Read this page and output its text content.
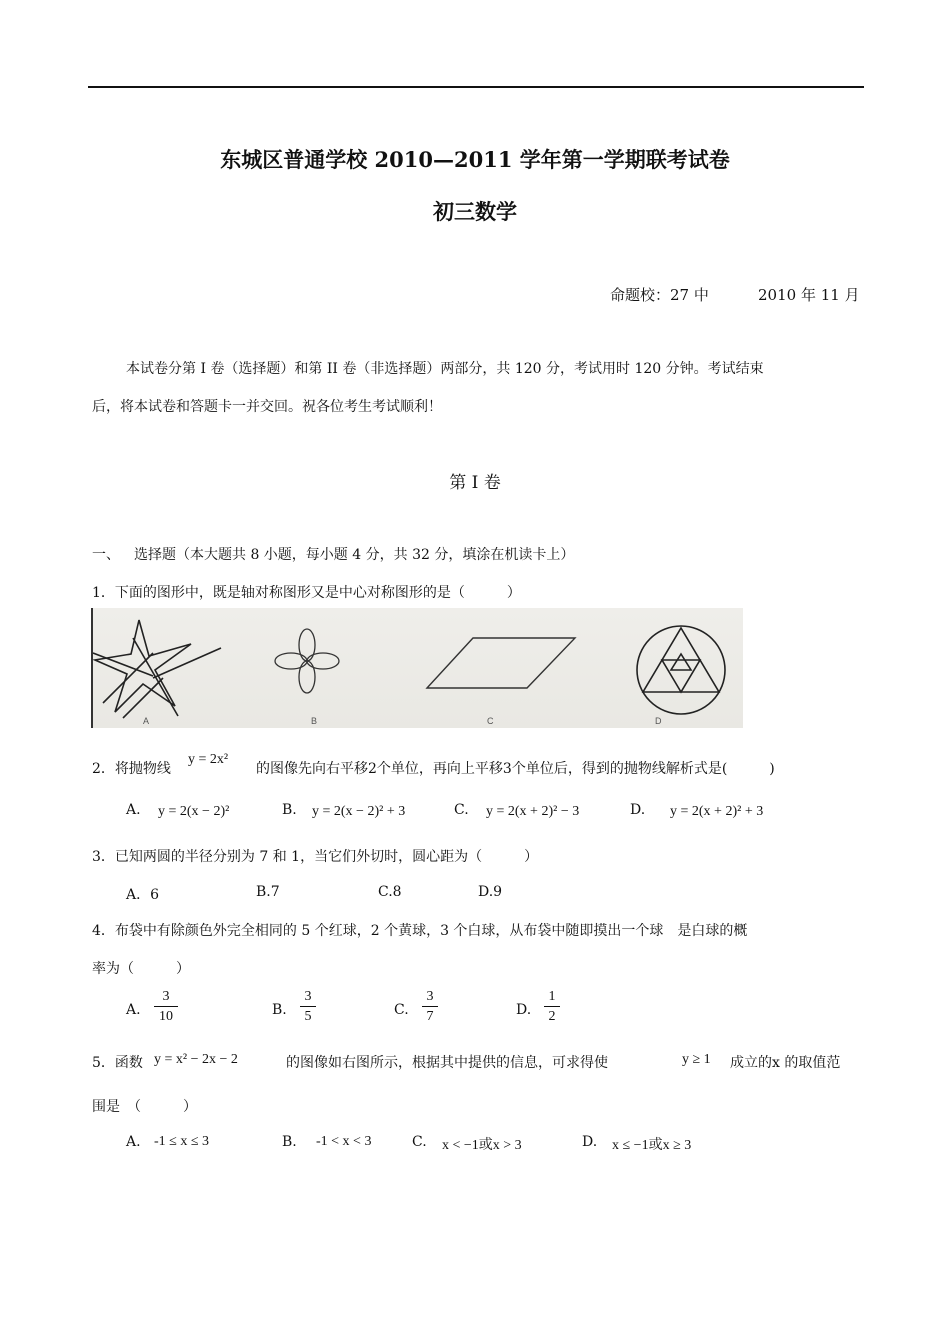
东城区普通学校 2010—2011 学年第一学期联考试卷
初三数学
命题校：27 中	2010 年 11 月
本试卷分第 I 卷（选择题）和第 II 卷（非选择题）两部分，共 120 分，考试用时 120 分钟。考试结束
后，将本试卷和答题卡一并交回。祝各位考生考试顺利！
第 I 卷
一、 选择题（本大题共 8 小题，每小题 4 分，共 32 分，填涂在机读卡上）
1．下面的图形中，既是轴对称图形又是中心对称图形的是（　　　）
A	B	C	D
2．将抛物线
y = 2x²
的图像先向右平移2个单位，再向上平移3个单位后，得到的抛物线解析式是(　　　)
A. y = 2(x − 2)²	B. y = 2(x − 2)² + 3	C. y = 2(x + 2)² − 3	D. y = 2(x + 2)² + 3
3．已知两圆的半径分别为 7 和 1，当它们外切时，圆心距为（　　　）
A．6	B.7	C.8	D.9
4．布袋中有除颜色外完全相同的 5 个红球，2 个黄球，3 个白球，从布袋中随即摸出一个球　是白球的概
率为（　　　）
A. $\frac{3}{10}$	B. $\frac{3}{5}$	C. $\frac{3}{7}$	D. $\frac{1}{2}$
5．函数 y = x² − 2x − 2	的图像如右图所示，根据其中提供的信息，可求得使	y ≥ 1 成立的x 的取值范
围是　（　　　）
A. -1 ≤ x ≤ 3	B. -1 < x < 3	C. x < −1或x > 3	D. x ≤ −1或x ≥ 3
